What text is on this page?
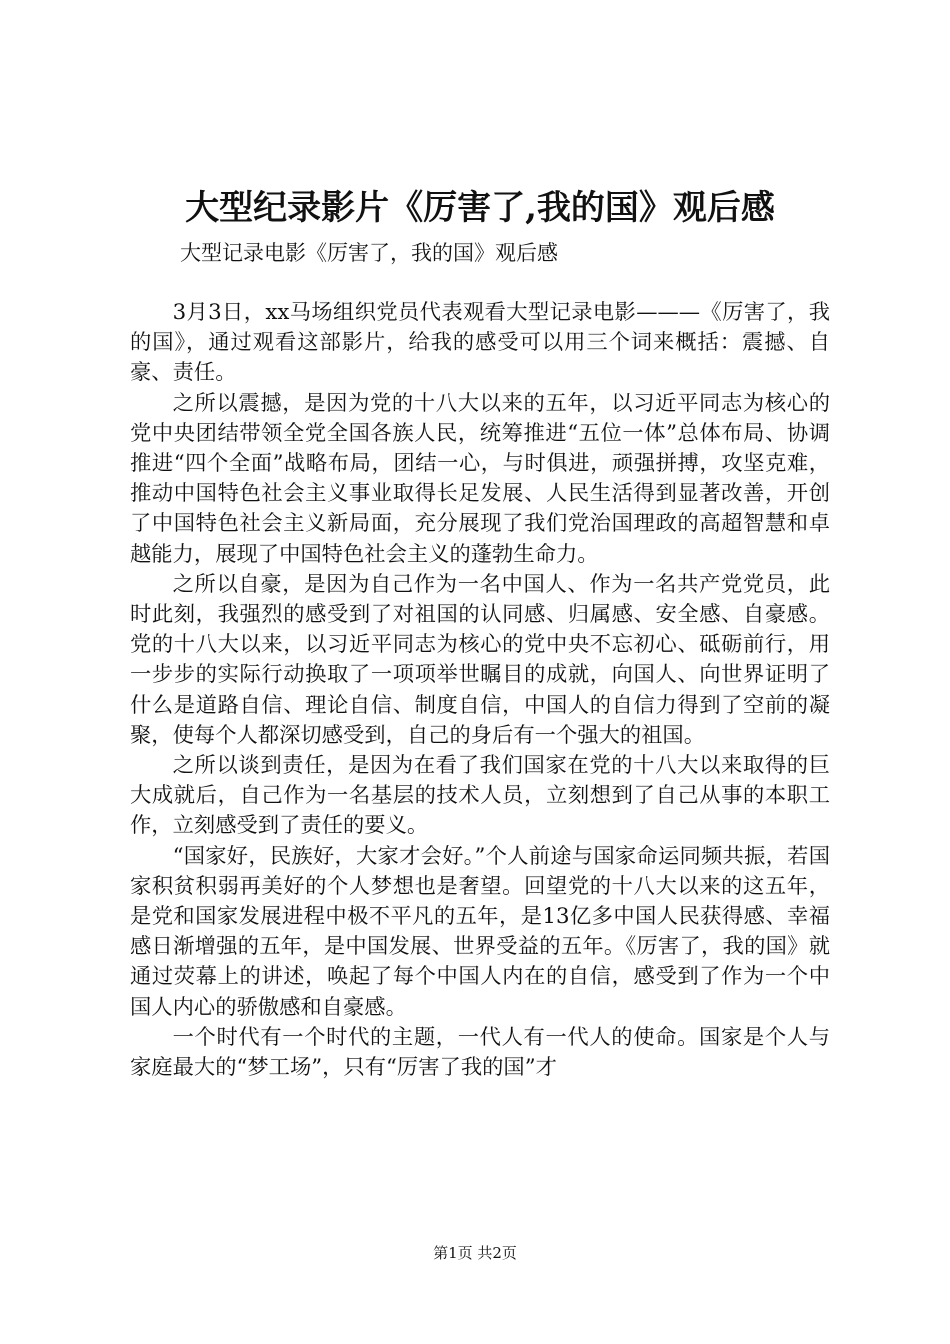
大型纪录影片《厉害了,我的国》观后感
大型记录电影《厉害了，我的国》观后感

3月3日，xx马场组织党员代表观看大型记录电影———《厉害了，我的国》，通过观看这部影片，给我的感受可以用三个词来概括：震撼、自豪、责任。

之所以震撼，是因为党的十八大以来的五年，以习近平同志为核心的党中央团结带领全党全国各族人民，统筹推进“五位一体”总体布局、协调推进“四个全面”战略布局，团结一心，与时俱进，顽强拼搏，攻坚克难，推动中国特色社会主义事业取得长足发展、人民生活得到显著改善，开创了中国特色社会主义新局面，充分展现了我们党治国理政的高超智慧和卓越能力，展现了中国特色社会主义的蓬勃生命力。

之所以自豪，是因为自己作为一名中国人、作为一名共产党党员，此时此刻，我强烈的感受到了对祖国的认同感、归属感、安全感、自豪感。党的十八大以来，以习近平同志为核心的党中央不忘初心、砥砺前行，用一步步的实际行动换取了一项项举世瞩目的成就，向国人、向世界证明了什么是道路自信、理论自信、制度自信，中国人的自信力得到了空前的凝聚，使每个人都深切感受到，自己的身后有一个强大的祖国。

之所以谈到责任，是因为在看了我们国家在党的十八大以来取得的巨大成就后，自己作为一名基层的技术人员，立刻想到了自己从事的本职工作，立刻感受到了责任的要义。

“国家好，民族好，大家才会好。”个人前途与国家命运同频共振，若国家积贫积弱再美好的个人梦想也是奢望。回望党的十八大以来的这五年，是党和国家发展进程中极不平凡的五年，是13亿多中国人民获得感、幸福感日渐增强的五年，是中国发展、世界受益的五年。《厉害了，我的国》就通过荧幕上的讲述，唤起了每个中国人内在的自信，感受到了作为一个中国人内心的骄傲感和自豪感。

一个时代有一个时代的主题，一代人有一代人的使命。国家是个人与家庭最大的“梦工场”，只有“厉害了我的国”才

第1页 共2页
